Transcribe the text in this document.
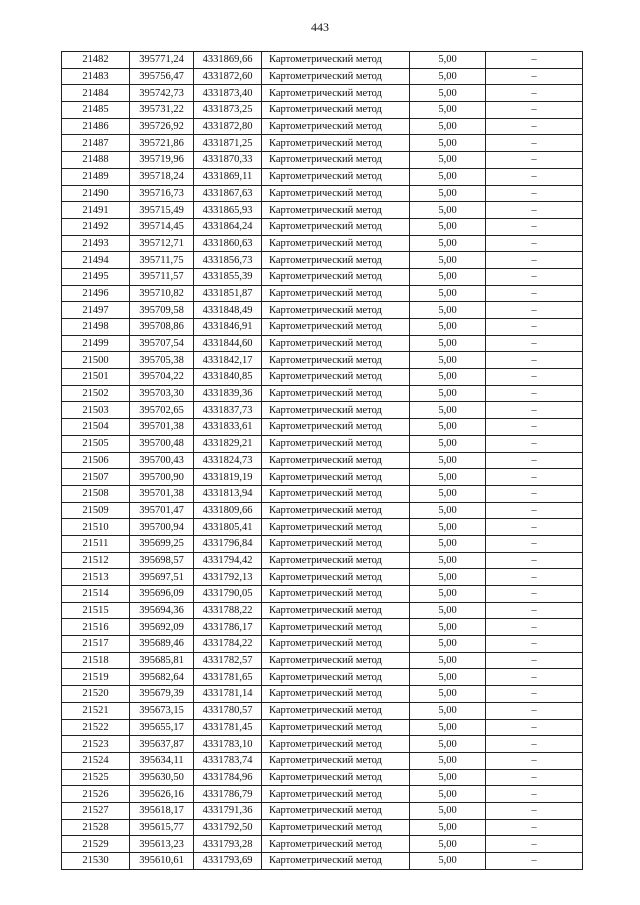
443
21482	395771,24	4331869,66	Картометрический метод	5,00	–
21483	395756,47	4331872,60	Картометрический метод	5,00	–
21484	395742,73	4331873,40	Картометрический метод	5,00	–
21485	395731,22	4331873,25	Картометрический метод	5,00	–
21486	395726,92	4331872,80	Картометрический метод	5,00	–
21487	395721,86	4331871,25	Картометрический метод	5,00	–
21488	395719,96	4331870,33	Картометрический метод	5,00	–
21489	395718,24	4331869,11	Картометрический метод	5,00	–
21490	395716,73	4331867,63	Картометрический метод	5,00	–
21491	395715,49	4331865,93	Картометрический метод	5,00	–
21492	395714,45	4331864,24	Картометрический метод	5,00	–
21493	395712,71	4331860,63	Картометрический метод	5,00	–
21494	395711,75	4331856,73	Картометрический метод	5,00	–
21495	395711,57	4331855,39	Картометрический метод	5,00	–
21496	395710,82	4331851,87	Картометрический метод	5,00	–
21497	395709,58	4331848,49	Картометрический метод	5,00	–
21498	395708,86	4331846,91	Картометрический метод	5,00	–
21499	395707,54	4331844,60	Картометрический метод	5,00	–
21500	395705,38	4331842,17	Картометрический метод	5,00	–
21501	395704,22	4331840,85	Картометрический метод	5,00	–
21502	395703,30	4331839,36	Картометрический метод	5,00	–
21503	395702,65	4331837,73	Картометрический метод	5,00	–
21504	395701,38	4331833,61	Картометрический метод	5,00	–
21505	395700,48	4331829,21	Картометрический метод	5,00	–
21506	395700,43	4331824,73	Картометрический метод	5,00	–
21507	395700,90	4331819,19	Картометрический метод	5,00	–
21508	395701,38	4331813,94	Картометрический метод	5,00	–
21509	395701,47	4331809,66	Картометрический метод	5,00	–
21510	395700,94	4331805,41	Картометрический метод	5,00	–
21511	395699,25	4331796,84	Картометрический метод	5,00	–
21512	395698,57	4331794,42	Картометрический метод	5,00	–
21513	395697,51	4331792,13	Картометрический метод	5,00	–
21514	395696,09	4331790,05	Картометрический метод	5,00	–
21515	395694,36	4331788,22	Картометрический метод	5,00	–
21516	395692,09	4331786,17	Картометрический метод	5,00	–
21517	395689,46	4331784,22	Картометрический метод	5,00	–
21518	395685,81	4331782,57	Картометрический метод	5,00	–
21519	395682,64	4331781,65	Картометрический метод	5,00	–
21520	395679,39	4331781,14	Картометрический метод	5,00	–
21521	395673,15	4331780,57	Картометрический метод	5,00	–
21522	395655,17	4331781,45	Картометрический метод	5,00	–
21523	395637,87	4331783,10	Картометрический метод	5,00	–
21524	395634,11	4331783,74	Картометрический метод	5,00	–
21525	395630,50	4331784,96	Картометрический метод	5,00	–
21526	395626,16	4331786,79	Картометрический метод	5,00	–
21527	395618,17	4331791,36	Картометрический метод	5,00	–
21528	395615,77	4331792,50	Картометрический метод	5,00	–
21529	395613,23	4331793,28	Картометрический метод	5,00	–
21530	395610,61	4331793,69	Картометрический метод	5,00	–
